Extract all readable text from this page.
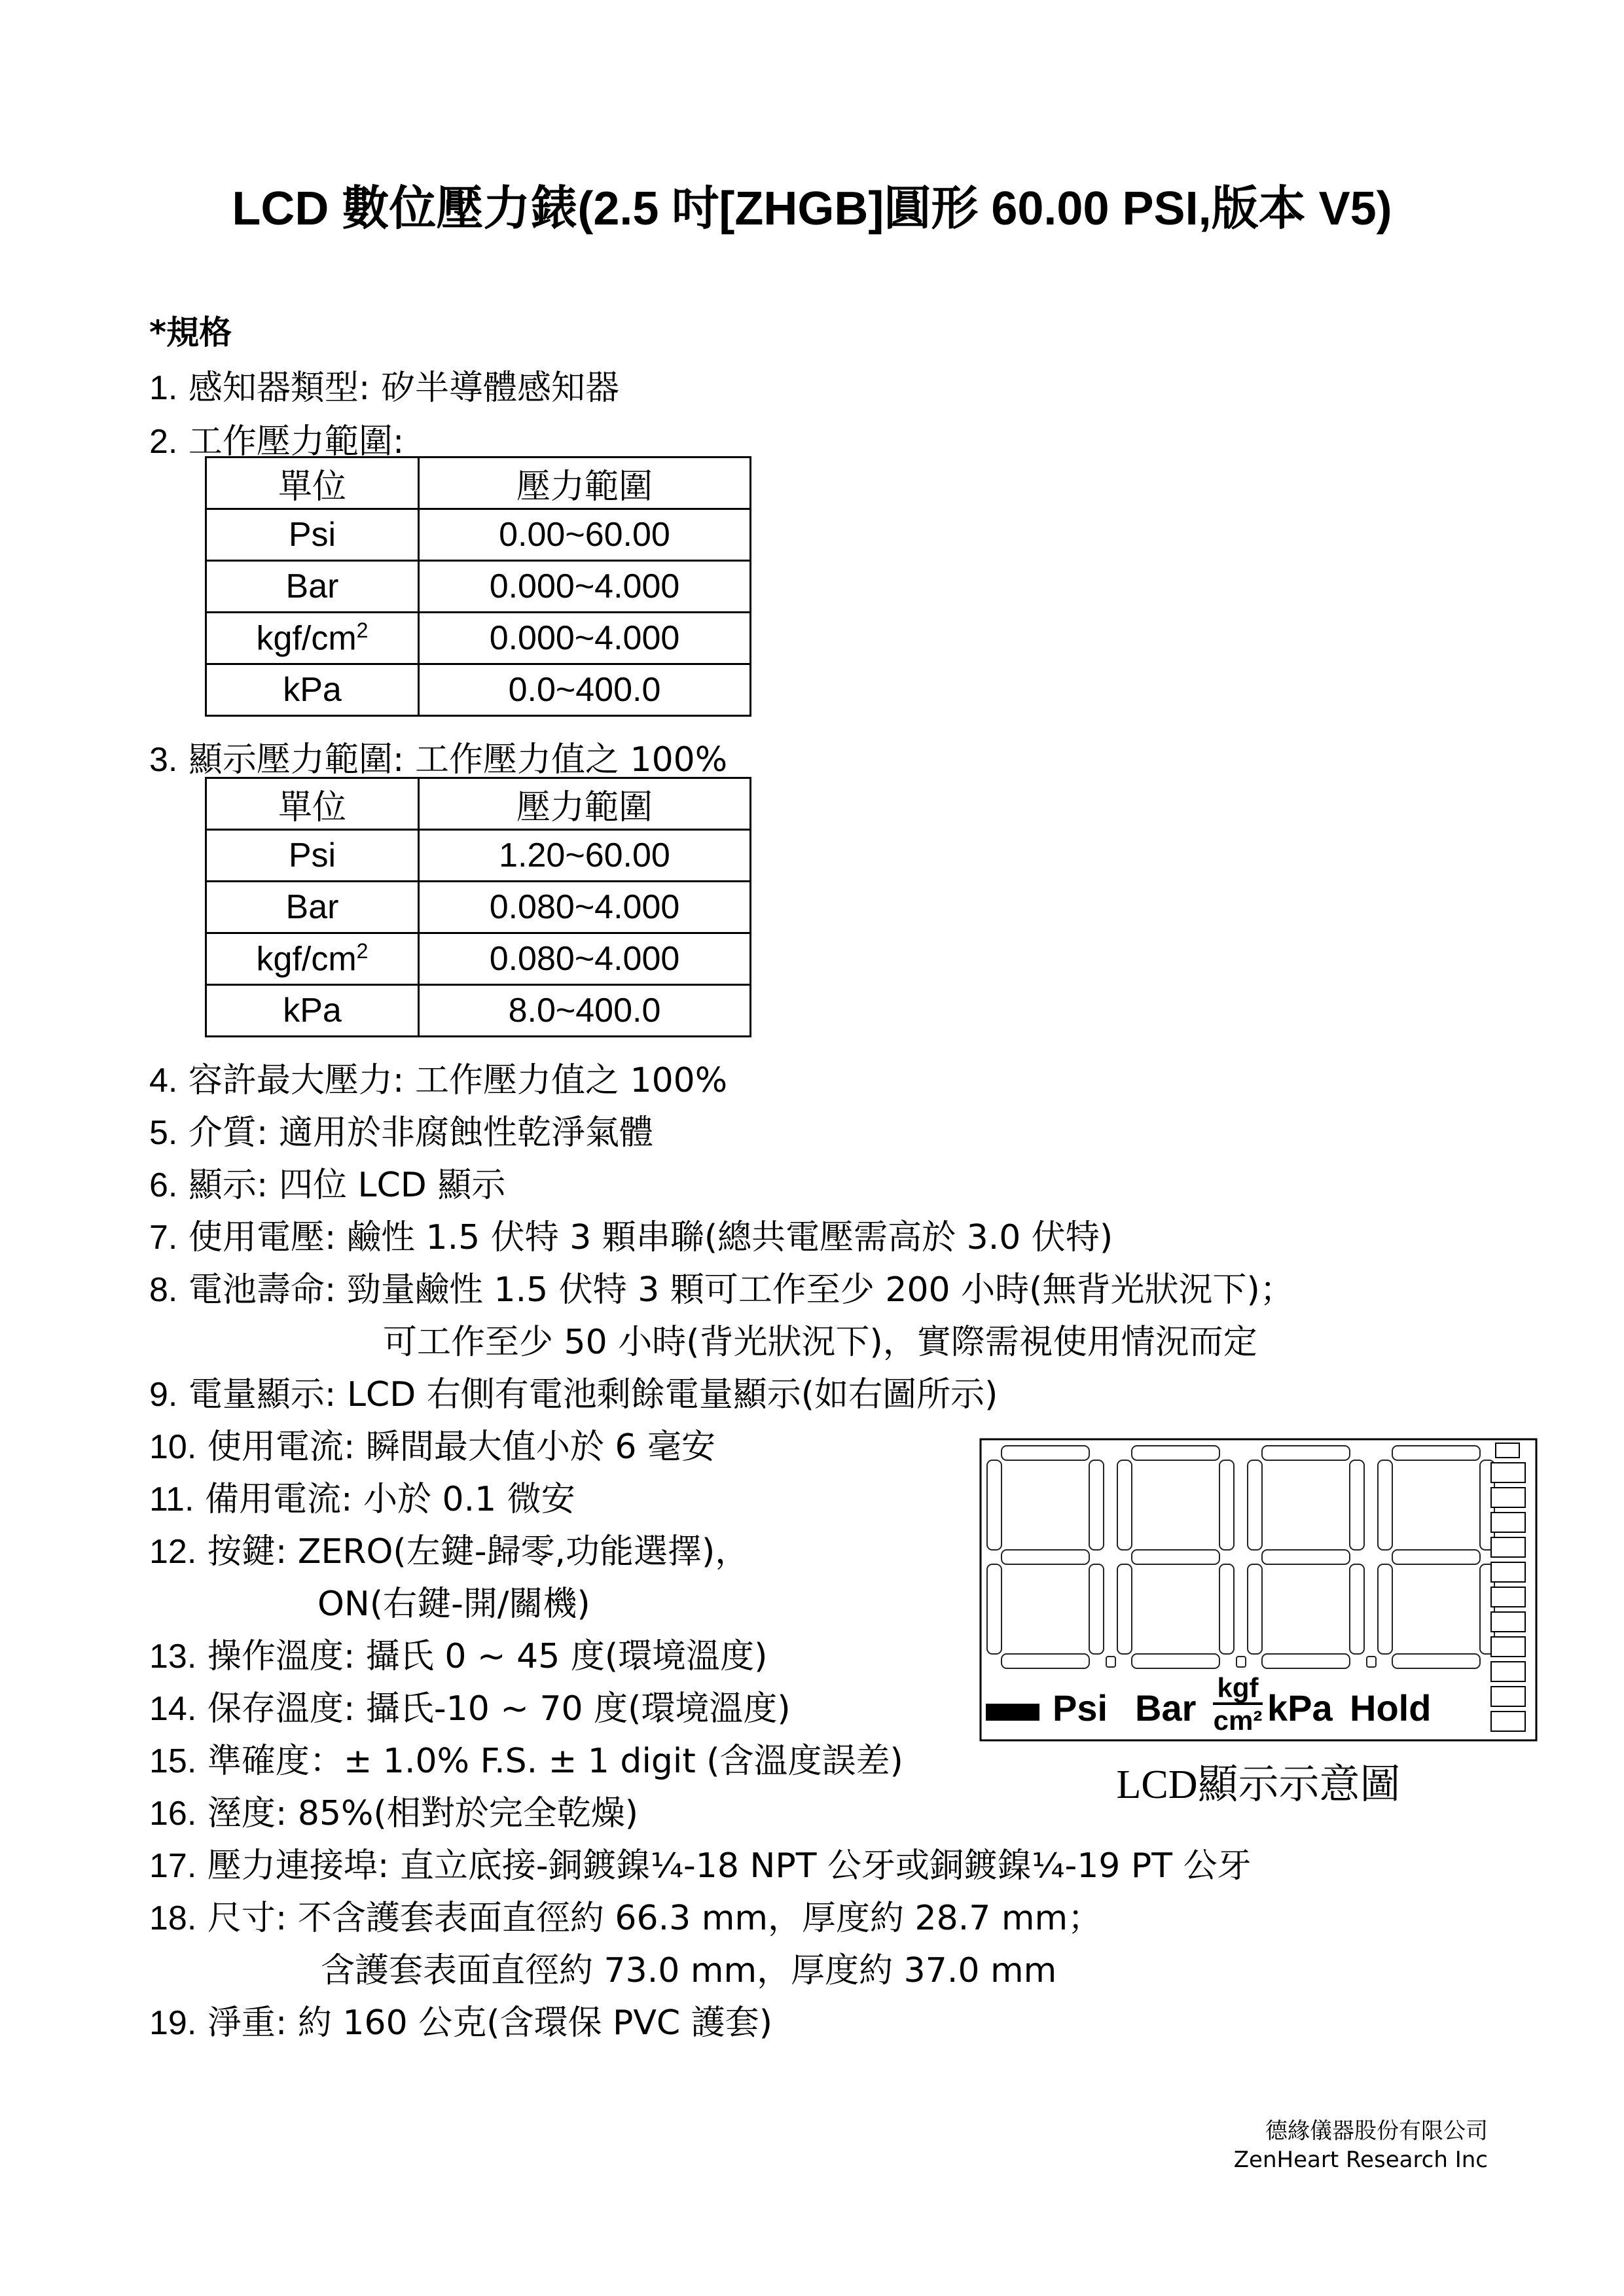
LCD 數位壓力錶(2.5 吋[ZHGB]圓形 60.00 PSI,版本 V5)
*規格
1. 感知器類型: 矽半導體感知器
2. 工作壓力範圍:
單位	壓力範圍
Psi	0.00~60.00
Bar	0.000~4.000
kgf/$cm^2$	0.000~4.000
kPa	0.0~400.0
3. 顯示壓力範圍: 工作壓力值之 100%
單位	壓力範圍
Psi	1.20~60.00
Bar	0.080~4.000
kgf/$cm^2$	0.080~4.000
kPa	8.0~400.0
4. 容許最大壓力: 工作壓力值之 100%
5. 介質: 適用於非腐蝕性乾淨氣體
6. 顯示: 四位 LCD 顯示
7. 使用電壓: 鹼性 1.5 伏特 3 顆串聯(總共電壓需高於 3.0 伏特)
8. 電池壽命: 勁量鹼性 1.5 伏特 3 顆可工作至少 200 小時(無背光狀況下)；
可工作至少 50 小時(背光狀況下)，實際需視使用情況而定
9. 電量顯示: LCD 右側有電池剩餘電量顯示(如右圖所示)
10. 使用電流: 瞬間最大值小於 6 毫安
11. 備用電流: 小於 0.1 微安
12. 按鍵: ZERO(左鍵-歸零,功能選擇)，
ON(右鍵-開/關機)
13. 操作溫度: 攝氏 0 ~ 45 度(環境溫度)
14. 保存溫度: 攝氏-10 ~ 70 度(環境溫度)
15. 準確度：± 1.0% F.S. ± 1 digit (含溫度誤差)
16. 溼度: 85%(相對於完全乾燥)
17. 壓力連接埠: 直立底接-銅鍍鎳¼-18 NPT 公牙或銅鍍鎳¼-19 PT 公牙
18. 尺寸: 不含護套表面直徑約 66.3 mm，厚度約 28.7 mm；
含護套表面直徑約 73.0 mm，厚度約 37.0 mm
19. 淨重: 約 160 公克(含環保 PVC 護套)
Psi Bar kgf
cm² kPa Hold
LCD顯示示意圖
德緣儀器股份有限公司
ZenHeart Research Inc
